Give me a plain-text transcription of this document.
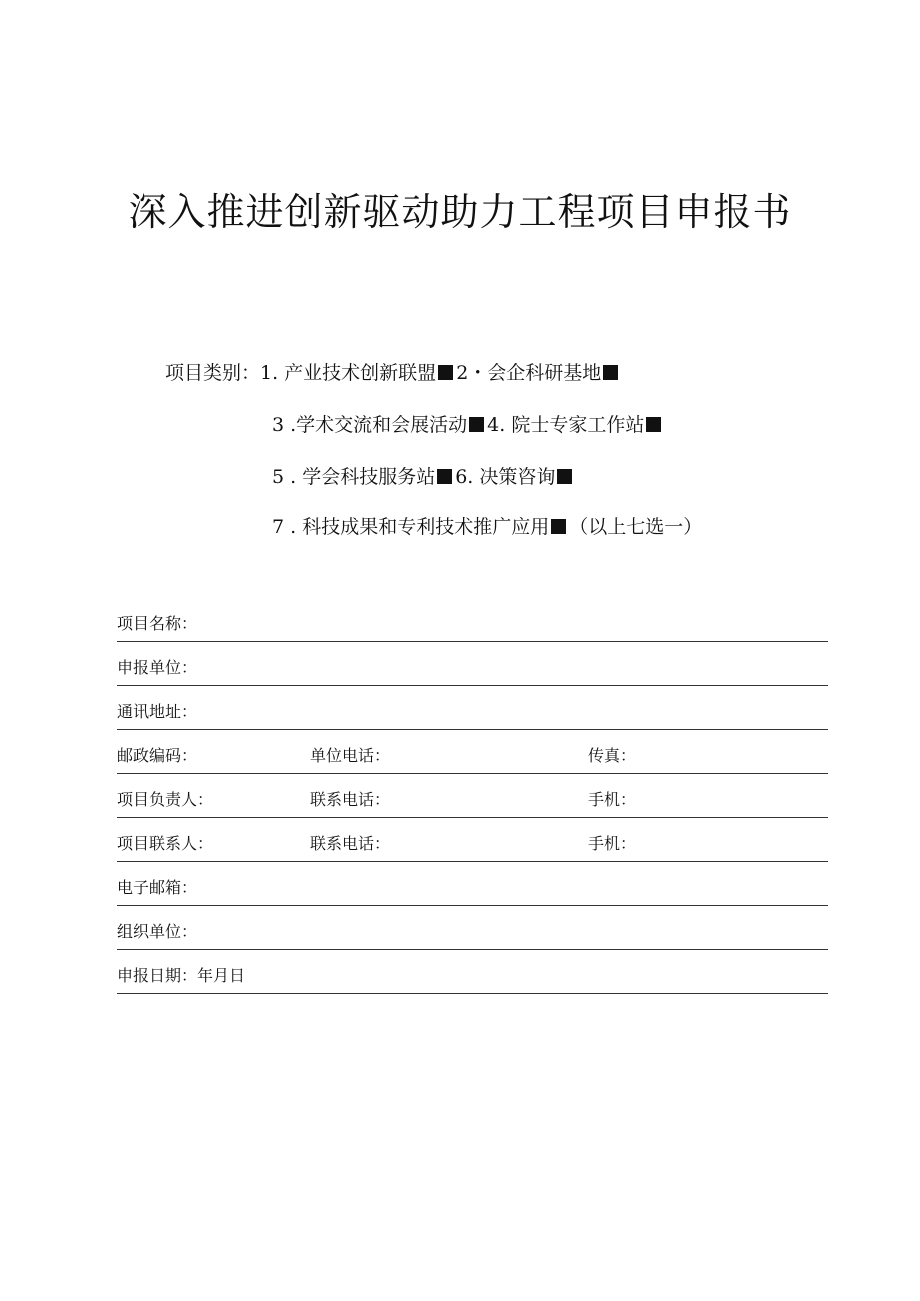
深入推进创新驱动助力工程项目申报书
项目类别：1. 产业技术创新联盟 2・会企科研基地
3 .学术交流和会展活动 4. 院士专家工作站
5 . 学会科技服务站 6. 决策咨询
7 . 科技成果和专利技术推广应用 （以上七选一）
项目名称：
申报单位：
通讯地址：
邮政编码：	单位电话：	传真：
项目负责人：	联系电话：	手机：
项目联系人：	联系电话：	手机：
电子邮箱：
组织单位：
申报日期：年月日
